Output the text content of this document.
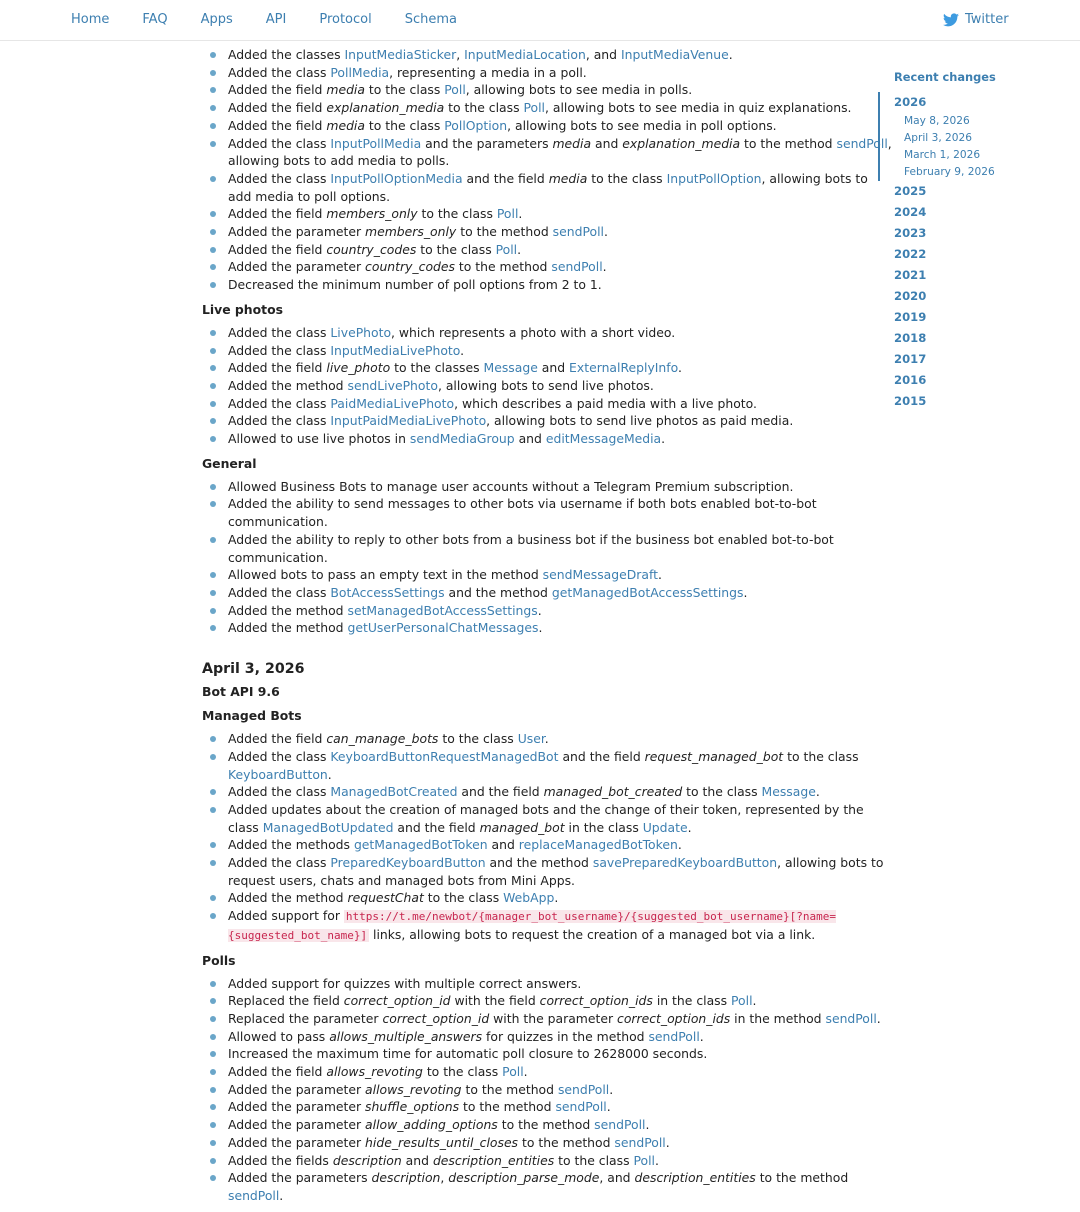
Home	FAQ	Apps	API	Protocol	Schema	Twitter
Added the classes InputMediaSticker, InputMediaLocation, and InputMediaVenue.
Added the class PollMedia, representing a media in a poll.
Added the field media to the class Poll, allowing bots to see media in polls.
Added the field explanation_media to the class Poll, allowing bots to see media in quiz explanations.
Added the field media to the class PollOption, allowing bots to see media in poll options.
Added the class InputPollMedia and the parameters media and explanation_media to the method sendPoll, allowing bots to add media to polls.
Added the class InputPollOptionMedia and the field media to the class InputPollOption, allowing bots to add media to poll options.
Added the field members_only to the class Poll.
Added the parameter members_only to the method sendPoll.
Added the field country_codes to the class Poll.
Added the parameter country_codes to the method sendPoll.
Decreased the minimum number of poll options from 2 to 1.
Live photos
Added the class LivePhoto, which represents a photo with a short video.
Added the class InputMediaLivePhoto.
Added the field live_photo to the classes Message and ExternalReplyInfo.
Added the method sendLivePhoto, allowing bots to send live photos.
Added the class PaidMediaLivePhoto, which describes a paid media with a live photo.
Added the class InputPaidMediaLivePhoto, allowing bots to send live photos as paid media.
Allowed to use live photos in sendMediaGroup and editMessageMedia.
General
Allowed Business Bots to manage user accounts without a Telegram Premium subscription.
Added the ability to send messages to other bots via username if both bots enabled bot-to-bot communication.
Added the ability to reply to other bots from a business bot if the business bot enabled bot-to-bot communication.
Allowed bots to pass an empty text in the method sendMessageDraft.
Added the class BotAccessSettings and the method getManagedBotAccessSettings.
Added the method setManagedBotAccessSettings.
Added the method getUserPersonalChatMessages.
April 3, 2026
Bot API 9.6
Managed Bots
Added the field can_manage_bots to the class User.
Added the class KeyboardButtonRequestManagedBot and the field request_managed_bot to the class KeyboardButton.
Added the class ManagedBotCreated and the field managed_bot_created to the class Message.
Added updates about the creation of managed bots and the change of their token, represented by the class ManagedBotUpdated and the field managed_bot in the class Update.
Added the methods getManagedBotToken and replaceManagedBotToken.
Added the class PreparedKeyboardButton and the method savePreparedKeyboardButton, allowing bots to request users, chats and managed bots from Mini Apps.
Added the method requestChat to the class WebApp.
Added support for https://t.me/newbot/{manager_bot_username}/{suggested_bot_username}[?name={suggested_bot_name}] links, allowing bots to request the creation of a managed bot via a link.
Polls
Added support for quizzes with multiple correct answers.
Replaced the field correct_option_id with the field correct_option_ids in the class Poll.
Replaced the parameter correct_option_id with the parameter correct_option_ids in the method sendPoll.
Allowed to pass allows_multiple_answers for quizzes in the method sendPoll.
Increased the maximum time for automatic poll closure to 2628000 seconds.
Added the field allows_revoting to the class Poll.
Added the parameter allows_revoting to the method sendPoll.
Added the parameter shuffle_options to the method sendPoll.
Added the parameter allow_adding_options to the method sendPoll.
Added the parameter hide_results_until_closes to the method sendPoll.
Added the fields description and description_entities to the class Poll.
Added the parameters description, description_parse_mode, and description_entities to the method sendPoll.
Recent changes
2026
May 8, 2026
April 3, 2026
March 1, 2026
February 9, 2026
2025
2024
2023
2022
2021
2020
2019
2018
2017
2016
2015
